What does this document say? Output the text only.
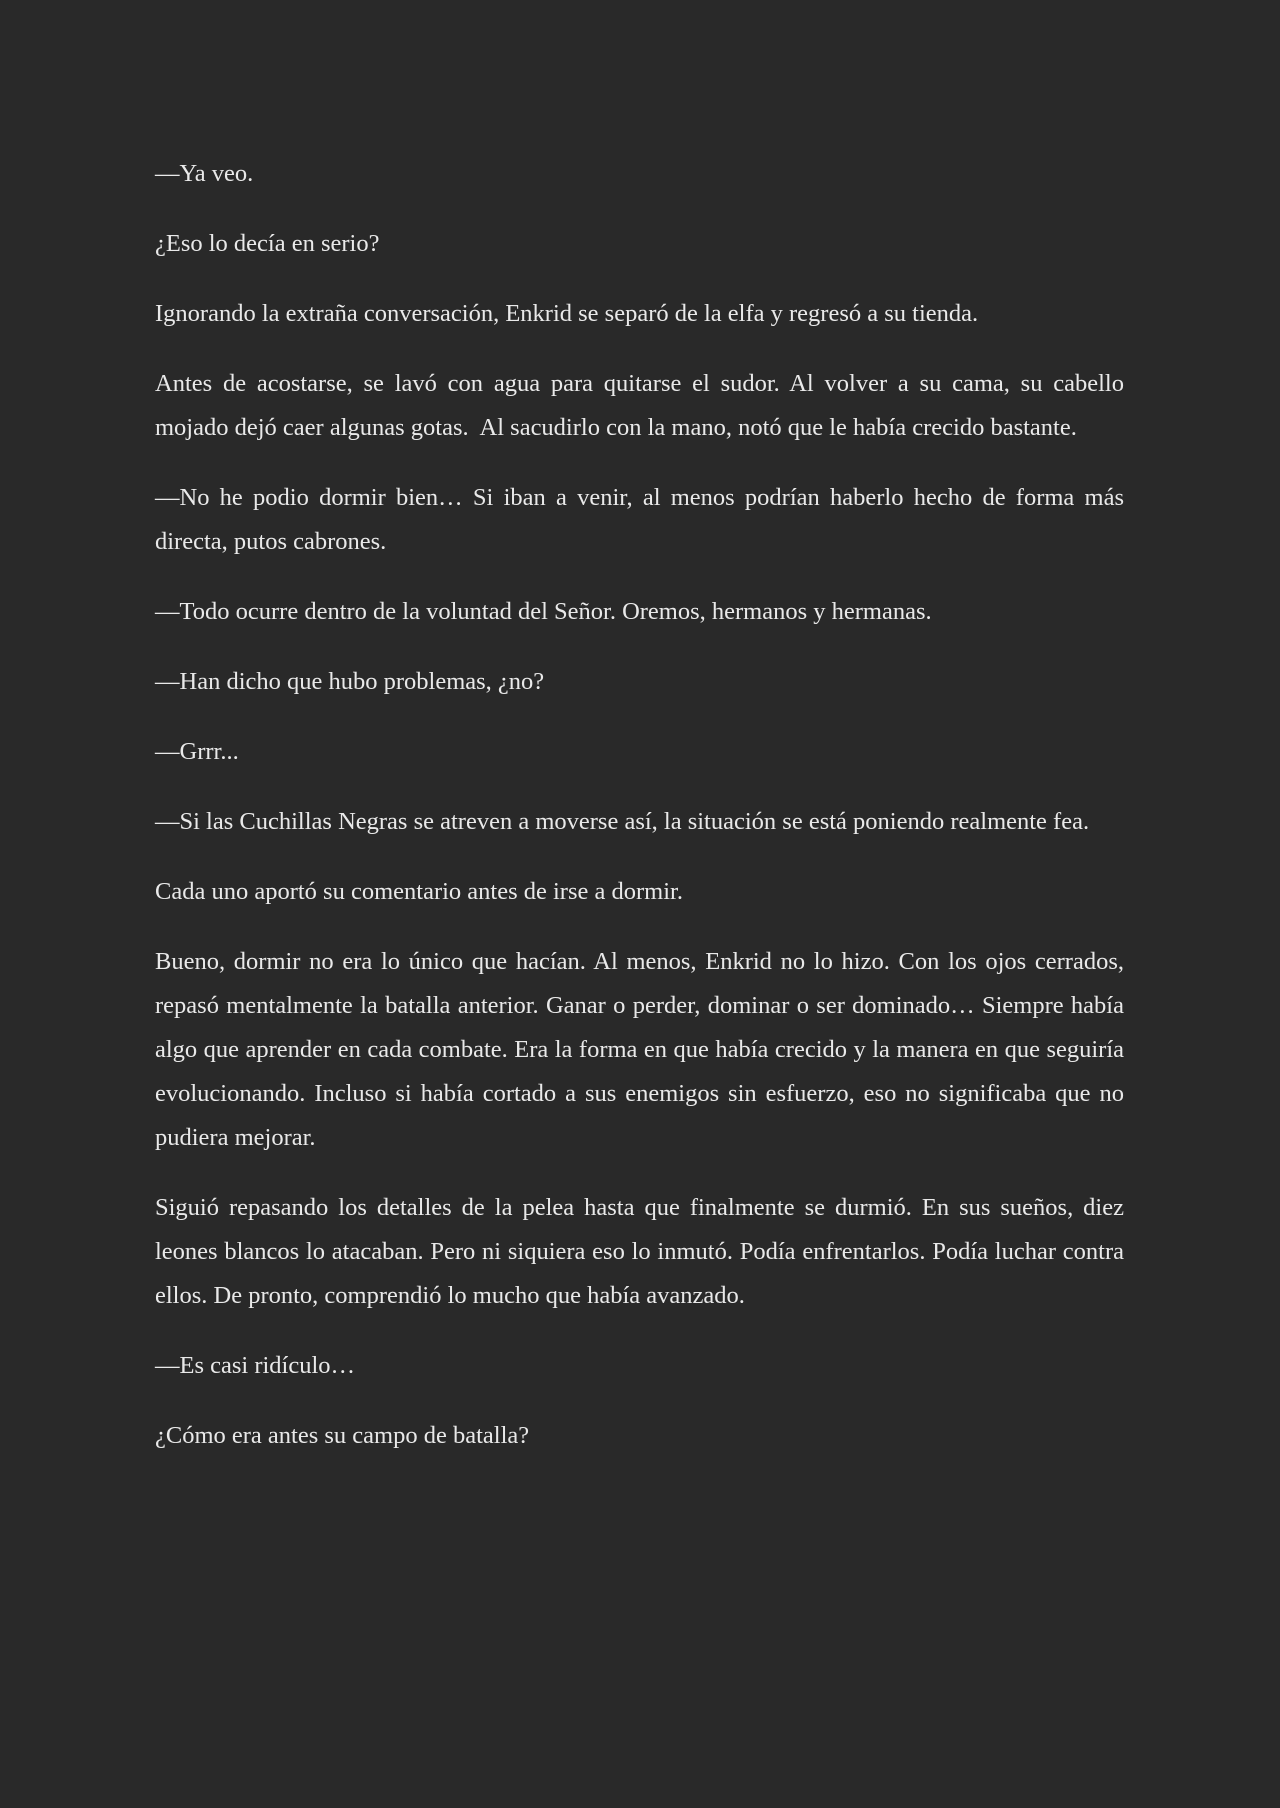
—Ya veo.

¿Eso lo decía en serio?

Ignorando la extraña conversación, Enkrid se separó de la elfa y regresó a su tienda.

Antes de acostarse, se lavó con agua para quitarse el sudor. Al volver a su cama, su cabello mojado dejó caer algunas gotas.  Al sacudirlo con la mano, notó que le había crecido bastante.

—No he podio dormir bien… Si iban a venir, al menos podrían haberlo hecho de forma más directa, putos cabrones.

—Todo ocurre dentro de la voluntad del Señor. Oremos, hermanos y hermanas.

—Han dicho que hubo problemas, ¿no?

—Grrr...

—Si las Cuchillas Negras se atreven a moverse así, la situación se está poniendo realmente fea.

Cada uno aportó su comentario antes de irse a dormir.

Bueno, dormir no era lo único que hacían. Al menos, Enkrid no lo hizo. Con los ojos cerrados, repasó mentalmente la batalla anterior. Ganar o perder, dominar o ser dominado… Siempre había algo que aprender en cada combate. Era la forma en que había crecido y la manera en que seguiría evolucionando. Incluso si había cortado a sus enemigos sin esfuerzo, eso no significaba que no pudiera mejorar.

Siguió repasando los detalles de la pelea hasta que finalmente se durmió. En sus sueños, diez leones blancos lo atacaban. Pero ni siquiera eso lo inmutó. Podía enfrentarlos. Podía luchar contra ellos. De pronto, comprendió lo mucho que había avanzado.

—Es casi ridículo…

¿Cómo era antes su campo de batalla?
